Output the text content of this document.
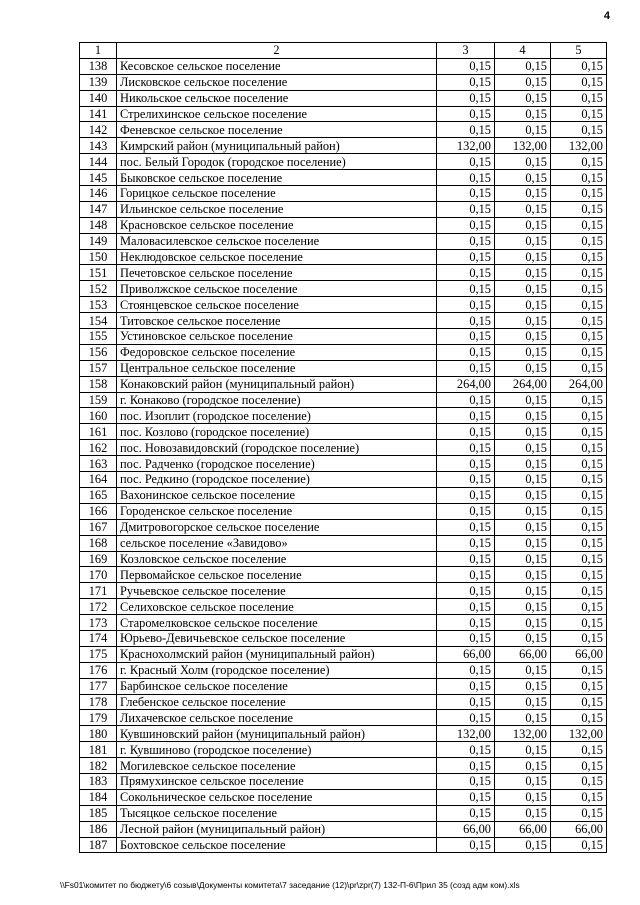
4
1	2	3	4	5
138	Кесовское сельское поселение	0,15	0,15	0,15
139	Лисковское сельское поселение	0,15	0,15	0,15
140	Никольское сельское поселение	0,15	0,15	0,15
141	Стрелихинское сельское поселение	0,15	0,15	0,15
142	Феневское сельское поселение	0,15	0,15	0,15
143	Кимрский район (муниципальный район)	132,00	132,00	132,00
144	пос. Белый Городок (городское поселение)	0,15	0,15	0,15
145	Быковское сельское поселение	0,15	0,15	0,15
146	Горицкое сельское поселение	0,15	0,15	0,15
147	Ильинское сельское поселение	0,15	0,15	0,15
148	Красновское сельское поселение	0,15	0,15	0,15
149	Маловасилевское сельское поселение	0,15	0,15	0,15
150	Неклюдовское сельское поселение	0,15	0,15	0,15
151	Печетовское сельское поселение	0,15	0,15	0,15
152	Приволжское сельское поселение	0,15	0,15	0,15
153	Стоянцевское сельское поселение	0,15	0,15	0,15
154	Титовское сельское поселение	0,15	0,15	0,15
155	Устиновское сельское поселение	0,15	0,15	0,15
156	Федоровское сельское поселение	0,15	0,15	0,15
157	Центральное сельское поселение	0,15	0,15	0,15
158	Конаковский район (муниципальный район)	264,00	264,00	264,00
159	г. Конаково (городское поселение)	0,15	0,15	0,15
160	пос. Изоплит (городское поселение)	0,15	0,15	0,15
161	пос. Козлово (городское поселение)	0,15	0,15	0,15
162	пос. Новозавидовский (городское поселение)	0,15	0,15	0,15
163	пос. Радченко (городское поселение)	0,15	0,15	0,15
164	пос. Редкино (городское поселение)	0,15	0,15	0,15
165	Вахонинское сельское поселение	0,15	0,15	0,15
166	Городенское сельское поселение	0,15	0,15	0,15
167	Дмитровогорское сельское поселение	0,15	0,15	0,15
168	сельское поселение «Завидово»	0,15	0,15	0,15
169	Козловское сельское поселение	0,15	0,15	0,15
170	Первомайское сельское поселение	0,15	0,15	0,15
171	Ручьевское сельское поселение	0,15	0,15	0,15
172	Селиховское сельское поселение	0,15	0,15	0,15
173	Старомелковское сельское поселение	0,15	0,15	0,15
174	Юрьево-Девичьевское сельское поселение	0,15	0,15	0,15
175	Краснохолмский район (муниципальный район)	66,00	66,00	66,00
176	г. Красный Холм (городское поселение)	0,15	0,15	0,15
177	Барбинское сельское поселение	0,15	0,15	0,15
178	Глебенское сельское поселение	0,15	0,15	0,15
179	Лихачевское сельское поселение	0,15	0,15	0,15
180	Кувшиновский район (муниципальный район)	132,00	132,00	132,00
181	г. Кувшиново (городское поселение)	0,15	0,15	0,15
182	Могилевское сельское поселение	0,15	0,15	0,15
183	Прямухинское сельское поселение	0,15	0,15	0,15
184	Сокольническое сельское поселение	0,15	0,15	0,15
185	Тысяцкое сельское поселение	0,15	0,15	0,15
186	Лесной район (муниципальный район)	66,00	66,00	66,00
187	Бохтовское сельское поселение	0,15	0,15	0,15
\\Fs01\комитет по бюджету\6 созыв\Документы комитета\7 заседание (12)\pr\zpr(7) 132-П-6\Прил 35 (созд адм ком).xls
